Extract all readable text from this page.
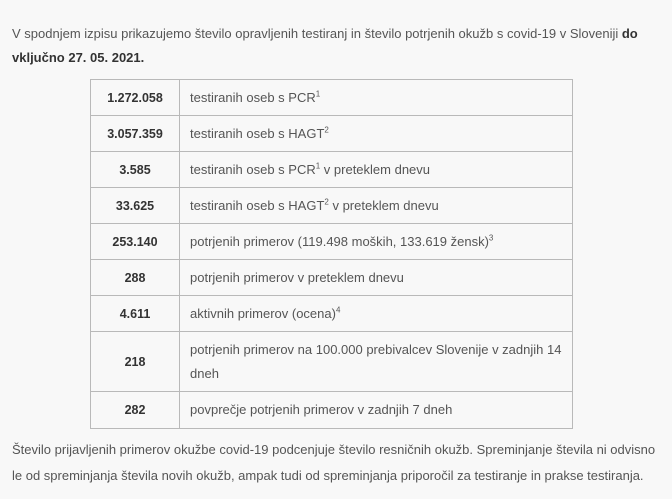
V spodnjem izpisu prikazujemo število opravljenih testiranj in število potrjenih okužb s covid-19 v Sloveniji do vključno 27. 05. 2021.

1.272.058	testiranih oseb s PCR$^1$
3.057.359	testiranih oseb s HAGT$^2$
3.585	testiranih oseb s PCR$^1$ v preteklem dnevu
33.625	testiranih oseb s HAGT$^2$ v preteklem dnevu
253.140	potrjenih primerov (119.498 moških, 133.619 žensk)$^3$
288	potrjenih primerov v preteklem dnevu
4.611	aktivnih primerov (ocena)$^4$
218	potrjenih primerov na 100.000 prebivalcev Slovenije v zadnjih 14 dneh
282	povprečje potrjenih primerov v zadnjih 7 dneh

Število prijavljenih primerov okužbe covid-19 podcenjuje število resničnih okužb. Spreminjanje števila ni odvisno le od spreminjanja števila novih okužb, ampak tudi od spreminjanja priporočil za testiranje in prakse testiranja.
